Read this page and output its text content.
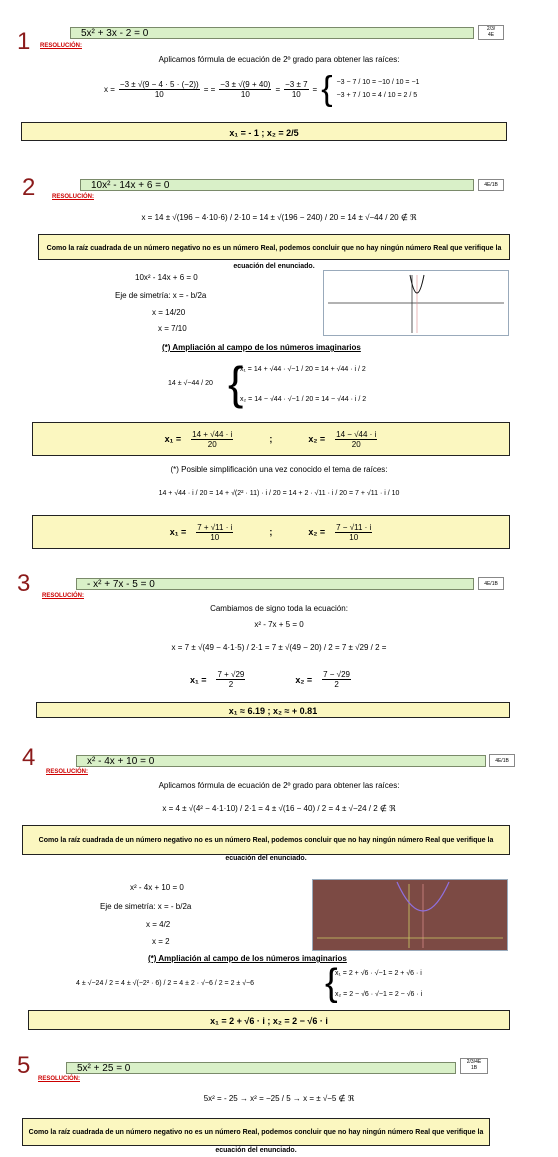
1	5x² + 3x - 2 = 0	2/3/
4E
RESOLUCIÓN:
Aplicamos fórmula de ecuación de 2º grado para obtener las raíces:
$x = \frac{-3 \pm √(9 - 4 \cdot 5 \cdot (-2))}{10}$ = = $\frac{-3 \pm √(9 + 40)}{10} = \frac{-3 \pm 7}{10}$ = { −3 − 7 / 10 = −10 / 10 = −1
−3 + 7 / 10 = 4 / 10 = 2 / 5
x₁ = - 1 ; x₂ = 2/5
2	10x² - 14x + 6 = 0	4E/1B
RESOLUCIÓN:
x = 14 ± √(196 − 4·10·6) / 2·10 = 14 ± √(196 − 240) / 20 = 14 ± √−44 / 20 ∉ ℜ
Como la raíz cuadrada de un número negativo no es un número Real, podemos concluir que no hay ningún número Real que verifique la ecuación del enunciado.
10x² - 14x + 6 = 0
Eje de simetría: x = - b/2a
x = 14/20
x = 7/10
(*) Ampliación al campo de los números imaginarios
14 ± √−44 / 20 {
x₁ = 14 + √44 · √−1 / 20 = 14 + √44 · i / 2
x₂ = 14 − √44 · √−1 / 20 = 14 − √44 · i / 2
$x_1 = \frac{14 + √44 \cdot i}{20}$	;	$x_2 = \frac{14 - √44 \cdot i}{20}$
(*) Posible simplificación una vez conocido el tema de raíces:
14 + √44 · i / 20 = 14 + √(2² · 11) · i / 20 = 14 + 2 · √11 · i / 20 = 7 + √11 · i / 10
$x_1 = \frac{7 + √11 \cdot i}{10}$	;	$x_2 = \frac{7 - √11 \cdot i}{10}$
3	- x² + 7x - 5 = 0	4E/1B
RESOLUCIÓN:
Cambiamos de signo toda la ecuación:
x² - 7x + 5 = 0
x = 7 ± √(49 − 4·1·5) / 2·1 = 7 ± √(49 − 20) / 2 = 7 ± √29 / 2 =
$x_1 = \frac{7 + √29}{2}$	$x_2 = \frac{7 - √29}{2}$
x₁ ≈ 6.19 ; x₂ ≈ + 0.81
4	x² - 4x + 10 = 0	4E/1B
RESOLUCIÓN:
Aplicamos fórmula de ecuación de 2º grado para obtener las raíces:
x = 4 ± √(4² − 4·1·10) / 2·1 = 4 ± √(16 − 40) / 2 = 4 ± √−24 / 2 ∉ ℜ
Como la raíz cuadrada de un número negativo no es un número Real, podemos concluir que no hay ningún número Real que verifique la ecuación del enunciado.
x² - 4x + 10 = 0
Eje de simetría: x = - b/2a
x = 4/2
x = 2
(*) Ampliación al campo de los números imaginarios
4 ± √−24 / 2 = 4 ± √(−2² · 6) / 2 = 4 ± 2 · √−6 / 2 = 2 ± √−6 {
x₁ = 2 + √6 · √−1 = 2 + √6 · i
x₂ = 2 − √6 · √−1 = 2 − √6 · i
x₁ = 2 + √6 · i ; x₂ = 2 − √6 · i
5	5x² + 25 = 0
2/3/4E
1B
RESOLUCIÓN:
5x² = - 25 → x² = −25 / 5 → x = ± √−5 ∉ ℜ
Como la raíz cuadrada de un número negativo no es un número Real, podemos concluir que no hay ningún número Real que verifique la ecuación del enunciado.
